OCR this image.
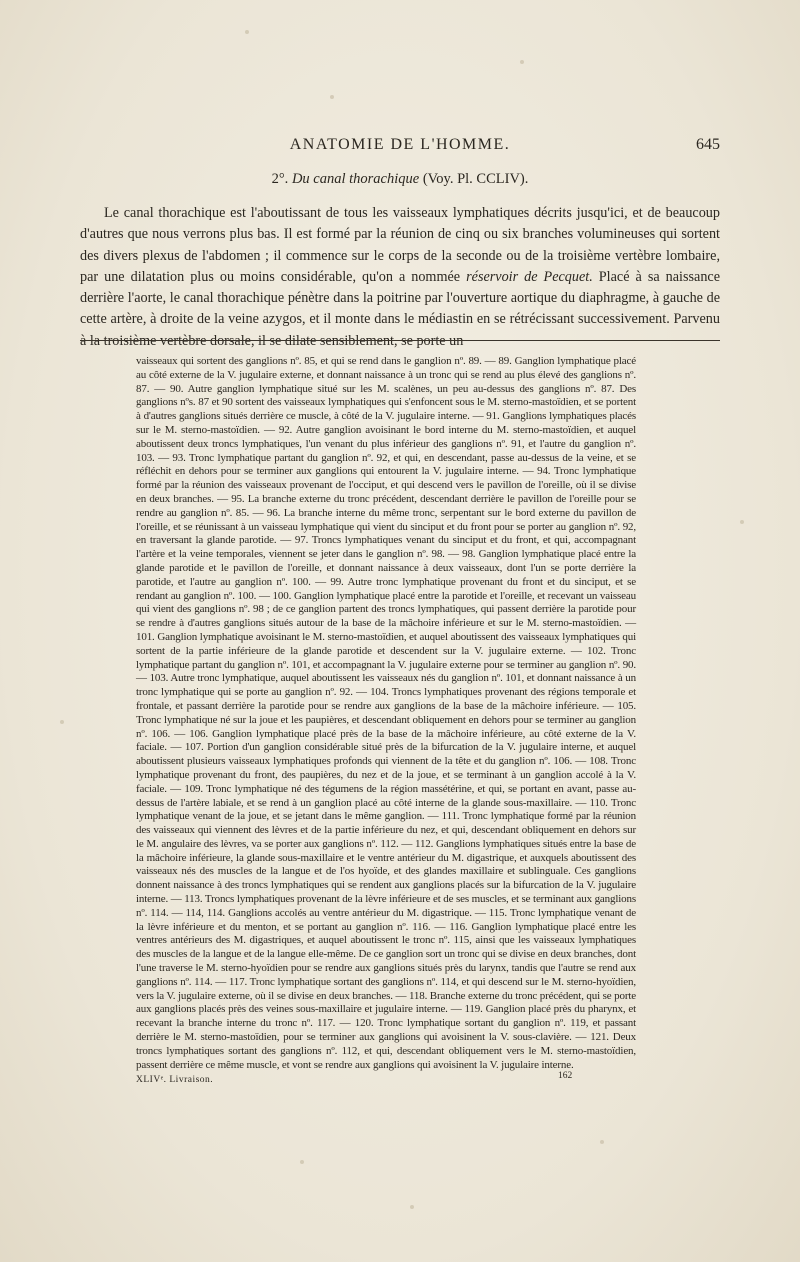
ANATOMIE DE L'HOMME.	645
2°. Du canal thorachique (Voy. Pl. CCLIV).

Le canal thorachique est l'aboutissant de tous les vaisseaux lymphatiques décrits jusqu'ici, et de beaucoup d'autres que nous verrons plus bas. Il est formé par la réunion de cinq ou six branches volumineuses qui sortent des divers plexus de l'abdomen ; il commence sur le corps de la seconde ou de la troisième vertèbre lombaire, par une dilatation plus ou moins considérable, qu'on a nommée réservoir de Pecquet. Placé à sa naissance derrière l'aorte, le canal thorachique pénètre dans la poitrine par l'ouverture aortique du diaphragme, à gauche de cette artère, à droite de la veine azygos, et il monte dans le médiastin en se rétrécissant successivement. Parvenu à la troisième vertèbre dorsale, il se dilate sensiblement, se porte un

vaisseaux qui sortent des ganglions nº. 85, et qui se rend dans le ganglion nº. 89. — 89. Ganglion lymphatique placé au côté externe de la V. jugulaire externe, et donnant naissance à un tronc qui se rend au plus élevé des ganglions nº. 87. — 90. Autre ganglion lymphatique situé sur les M. scalènes, un peu au-dessus des ganglions nº. 87. Des ganglions nºs. 87 et 90 sortent des vaisseaux lymphatiques qui s'enfoncent sous le M. sterno-mastoïdien, et se portent à d'autres ganglions situés derrière ce muscle, à côté de la V. jugulaire interne. — 91. Ganglions lymphatiques placés sur le M. sterno-mastoïdien. — 92. Autre ganglion avoisinant le bord interne du M. sterno-mastoïdien, et auquel aboutissent deux troncs lymphatiques, l'un venant du plus inférieur des ganglions nº. 91, et l'autre du ganglion nº. 103. — 93. Tronc lymphatique partant du ganglion nº. 92, et qui, en descendant, passe au-dessus de la veine, et se réfléchit en dehors pour se terminer aux ganglions qui entourent la V. jugulaire interne. — 94. Tronc lymphatique formé par la réunion des vaisseaux provenant de l'occiput, et qui descend vers le pavillon de l'oreille, où il se divise en deux branches. — 95. La branche externe du tronc précédent, descendant derrière le pavillon de l'oreille pour se rendre au ganglion nº. 85. — 96. La branche interne du même tronc, serpentant sur le bord externe du pavillon de l'oreille, et se réunissant à un vaisseau lymphatique qui vient du sinciput et du front pour se porter au ganglion nº. 92, en traversant la glande parotide. — 97. Troncs lymphatiques venant du sinciput et du front, et qui, accompagnant l'artère et la veine temporales, viennent se jeter dans le ganglion nº. 98. — 98. Ganglion lymphatique placé entre la glande parotide et le pavillon de l'oreille, et donnant naissance à deux vaisseaux, dont l'un se porte derrière la parotide, et l'autre au ganglion nº. 100. — 99. Autre tronc lymphatique provenant du front et du sinciput, et se rendant au ganglion nº. 100. — 100. Ganglion lymphatique placé entre la parotide et l'oreille, et recevant un vaisseau qui vient des ganglions nº. 98 ; de ce ganglion partent des troncs lymphatiques, qui passent derrière la parotide pour se rendre à d'autres ganglions situés autour de la base de la mâchoire inférieure et sur le M. sterno-mastoïdien. — 101. Ganglion lymphatique avoisinant le M. sterno-mastoïdien, et auquel aboutissent des vaisseaux lymphatiques qui sortent de la partie inférieure de la glande parotide et descendent sur la V. jugulaire externe. — 102. Tronc lymphatique partant du ganglion nº. 101, et accompagnant la V. jugulaire externe pour se terminer au ganglion nº. 90. — 103. Autre tronc lymphatique, auquel aboutissent les vaisseaux nés du ganglion nº. 101, et donnant naissance à un tronc lymphatique qui se porte au ganglion nº. 92. — 104. Troncs lymphatiques provenant des régions temporale et frontale, et passant derrière la parotide pour se rendre aux ganglions de la base de la mâchoire inférieure. — 105. Tronc lymphatique né sur la joue et les paupières, et descendant obliquement en dehors pour se terminer au ganglion nº. 106. — 106. Ganglion lymphatique placé près de la base de la mâchoire inférieure, au côté externe de la V. faciale. — 107. Portion d'un ganglion considérable situé près de la bifurcation de la V. jugulaire interne, et auquel aboutissent plusieurs vaisseaux lymphatiques profonds qui viennent de la tête et du ganglion nº. 106. — 108. Tronc lymphatique provenant du front, des paupières, du nez et de la joue, et se terminant à un ganglion accolé à la V. faciale. — 109. Tronc lymphatique né des tégumens de la région massétérine, et qui, se portant en avant, passe au-dessus de l'artère labiale, et se rend à un ganglion placé au côté interne de la glande sous-maxillaire. — 110. Tronc lymphatique venant de la joue, et se jetant dans le même ganglion. — 111. Tronc lymphatique formé par la réunion des vaisseaux qui viennent des lèvres et de la partie inférieure du nez, et qui, descendant obliquement en dehors sur le M. angulaire des lèvres, va se porter aux ganglions nº. 112. — 112. Ganglions lymphatiques situés entre la base de la mâchoire inférieure, la glande sous-maxillaire et le ventre antérieur du M. digastrique, et auxquels aboutissent des vaisseaux nés des muscles de la langue et de l'os hyoïde, et des glandes maxillaire et sublinguale. Ces ganglions donnent naissance à des troncs lymphatiques qui se rendent aux ganglions placés sur la bifurcation de la V. jugulaire interne. — 113. Troncs lymphatiques provenant de la lèvre inférieure et de ses muscles, et se terminant aux ganglions nº. 114. — 114, 114. Ganglions accolés au ventre antérieur du M. digastrique. — 115. Tronc lymphatique venant de la lèvre inférieure et du menton, et se portant au ganglion nº. 116. — 116. Ganglion lymphatique placé entre les ventres antérieurs des M. digastriques, et auquel aboutissent le tronc nº. 115, ainsi que les vaisseaux lymphatiques des muscles de la langue et de la langue elle-même. De ce ganglion sort un tronc qui se divise en deux branches, dont l'une traverse le M. sterno-hyoïdien pour se rendre aux ganglions situés près du larynx, tandis que l'autre se rend aux ganglions nº. 114. — 117. Tronc lymphatique sortant des ganglions nº. 114, et qui descend sur le M. sterno-hyoïdien, vers la V. jugulaire externe, où il se divise en deux branches. — 118. Branche externe du tronc précédent, qui se porte aux ganglions placés près des veines sous-maxillaire et jugulaire interne. — 119. Ganglion placé près du pharynx, et recevant la branche interne du tronc nº. 117. — 120. Tronc lymphatique sortant du ganglion nº. 119, et passant derrière le M. sterno-mastoïdien, pour se terminer aux ganglions qui avoisinent la V. sous-clavière. — 121. Deux troncs lymphatiques sortant des ganglions nº. 112, et qui, descendant obliquement vers le M. sterno-mastoïdien, passent derrière ce même muscle, et vont se rendre aux ganglions qui avoisinent la V. jugulaire interne.

XLIVᵉ. Livraison.	162
